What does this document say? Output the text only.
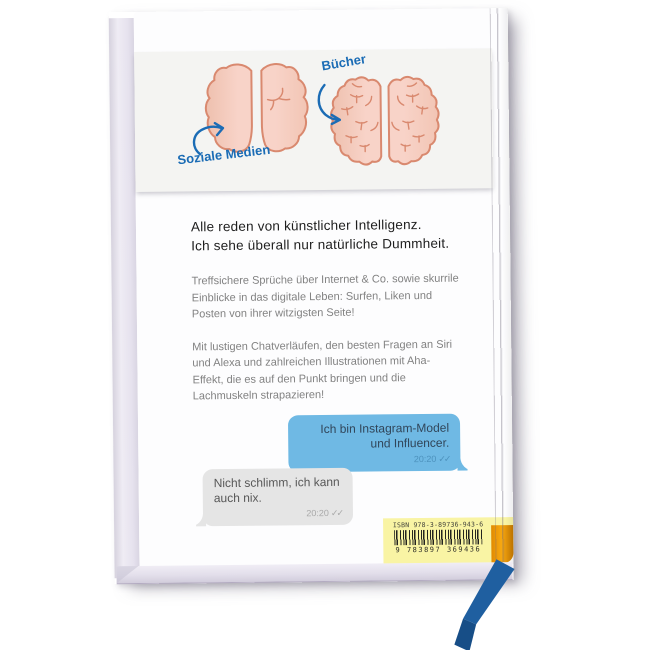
Soziale Medien
Bücher
Alle reden von künstlicher Intelligenz.
Ich sehe überall nur natürliche Dummheit.

Treffsichere Sprüche über Internet & Co. sowie skurrile Einblicke in das digitale Leben: Surfen, Liken und Posten von ihrer witzigsten Seite!

Mit lustigen Chatverläufen, den besten Fragen an Siri und Alexa und zahlreichen Illustrationen mit Aha-Effekt, die es auf den Punkt bringen und die Lachmuskeln strapazieren!

Ich bin Instagram-Model und Influencer.
20:20 ✓✓
Nicht schlimm, ich kann auch nix.
20:20 ✓✓
ISBN 978-3-89736-943-6
9 783897 369436
